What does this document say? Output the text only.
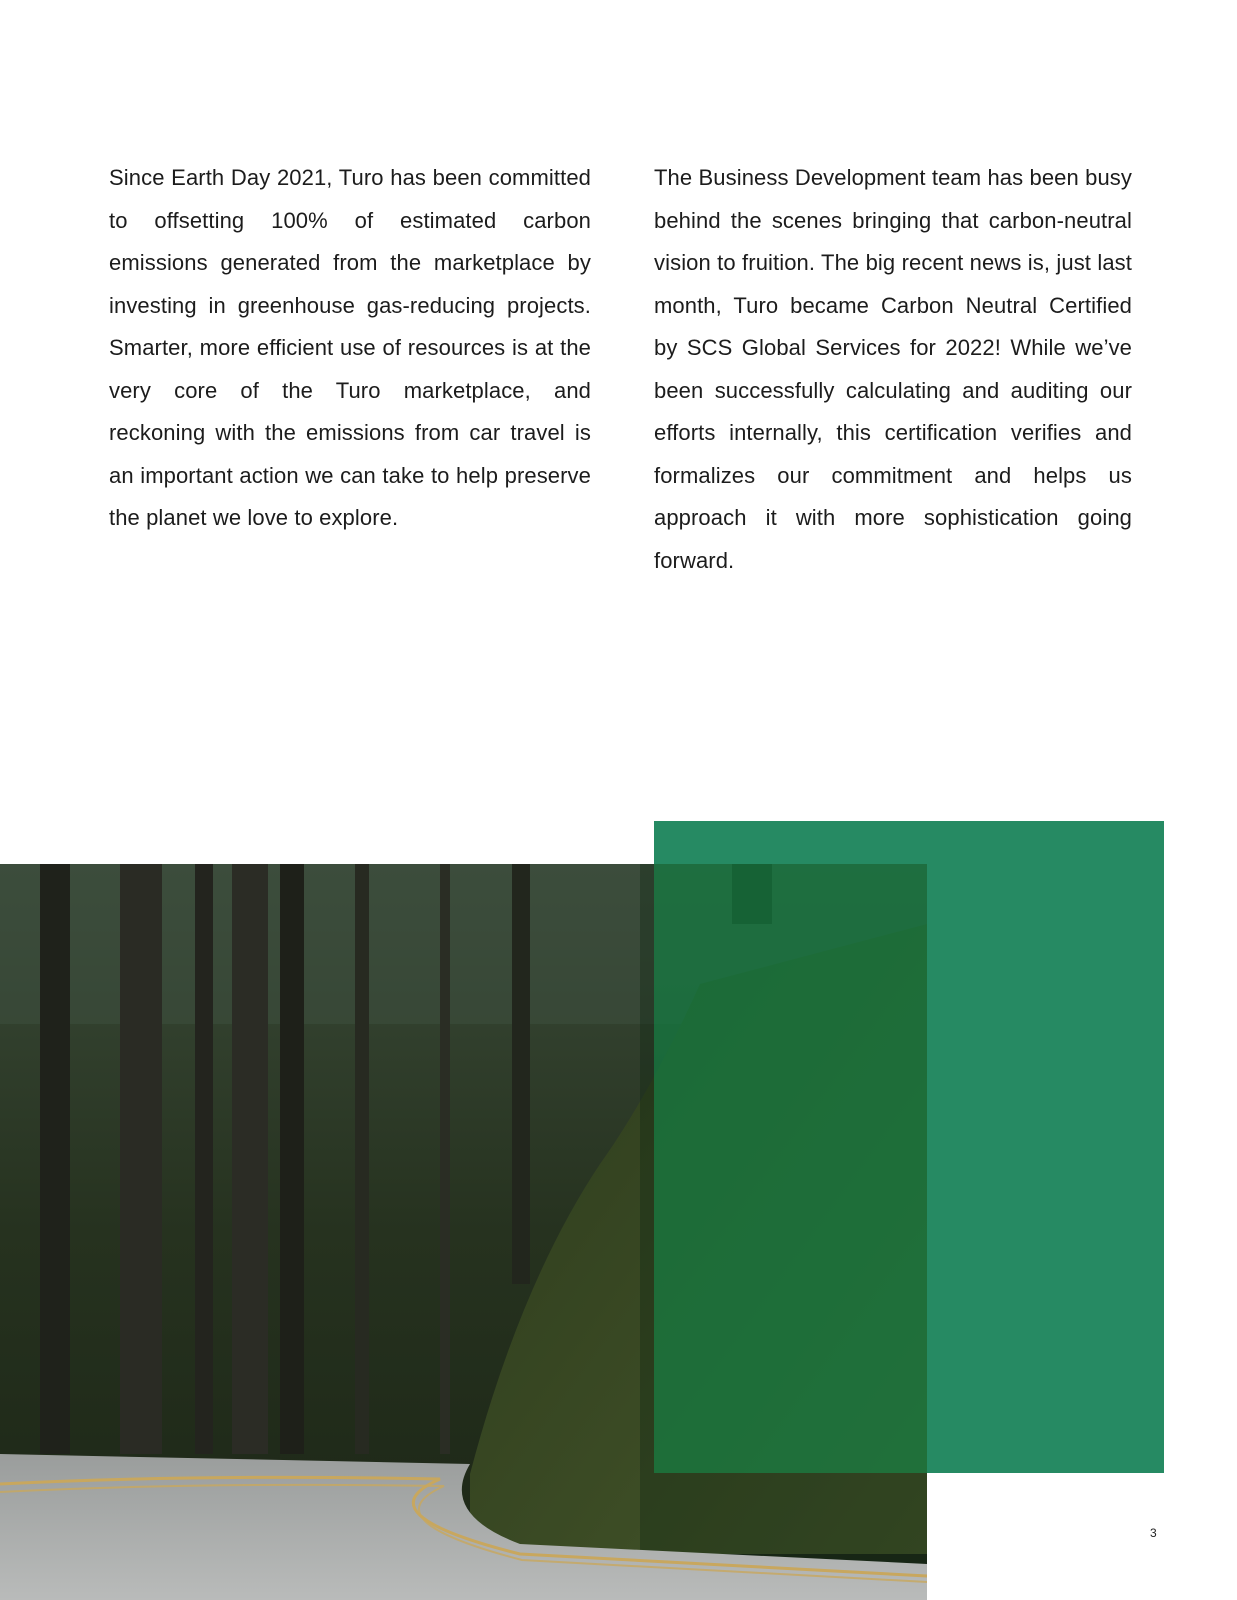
Since Earth Day 2021, Turo has been committed to offsetting 100% of estimated carbon emissions generated from the marketplace by investing in greenhouse gas-reducing projects. Smarter, more efficient use of resources is at the very core of the Turo marketplace, and reckoning with the emissions from car travel is an important action we can take to help preserve the planet we love to explore.

The Business Development team has been busy behind the scenes bringing that carbon-neutral vision to fruition. The big recent news is, just last month, Turo became Carbon Neutral Certified by SCS Global Services for 2022! While we’ve been successfully calculating and auditing our efforts internally, this certification verifies and formalizes our commitment and helps us approach it with more sophistication going forward.

3
